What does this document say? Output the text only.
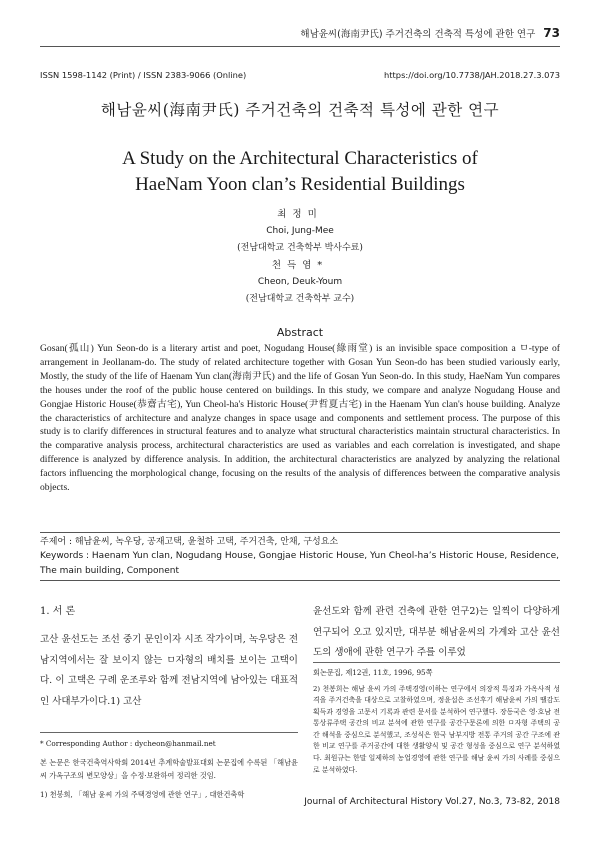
해남윤씨(海南尹氏) 주거건축의 건축적 특성에 관한 연구 73
ISSN 1598-1142 (Print) / ISSN 2383-9066 (Online)	https://doi.org/10.7738/JAH.2018.27.3.073
해남윤씨(海南尹氏) 주거건축의 건축적 특성에 관한 연구
A Study on the Architectural Characteristics of
HaeNam Yoon clan’s Residential Buildings
최정미
Choi, Jung-Mee
(전남대학교 건축학부 박사수료)
천득염*
Cheon, Deuk-Youm
(전남대학교 건축학부 교수)
Abstract
Gosan(孤山) Yun Seon-do is a literary artist and poet, Nogudang House(綠雨堂) is an invisible space composition a ㅁ-type of arrangement in Jeollanam-do. The study of related architecture together with Gosan Yun Seon-do has been studied variously early, Mostly, the study of the life of Haenam Yun clan(海南尹氏) and the life of Gosan Yun Seon-do. In this study, HaeNam Yun compares the houses under the roof of the public house centered on buildings. In this study, we compare and analyze Nogudang House and Gongjae Historic House(恭齋古宅), Yun Cheol-ha's Historic House(尹哲夏古宅) in the Haenam Yun clan's house building. Analyze the characteristics of architecture and analyze changes in space usage and components and settlement process. The purpose of this study is to clarify differences in structural features and to analyze what structural characteristics maintain structural characteristics. In the comparative analysis process, architectural characteristics are used as variables and each correlation is investigated, and shape difference is analyzed by difference analysis. In addition, the architectural characteristics are analyzed by analyzing the relational factors influencing the morphological change, focusing on the results of the analysis of differences between the comparative analysis objects.
주제어 : 해남윤씨, 녹우당, 공재고택, 윤철하 고택, 주거건축, 안채, 구성요소
Keywords : Haenam Yun clan, Nogudang House, Gongjae Historic House, Yun Cheol-ha’s Historic House, Residence, The main building, Component
1. 서 론
고산 윤선도는 조선 중기 문인이자 시조 작가이며, 녹우당은 전남지역에서는 잘 보이지 않는 ㅁ자형의 배치를 보이는 고택이다. 이 고택은 구례 운조루와 함께 전남지역에 남아있는 대표적인 사대부가이다.1) 고산
* Corresponding Author : dycheon@hanmail.net
본 논문은 한국건축역사학회 2014년 추계학술발표대회 논문집에 수록된 「해남윤씨 가옥구조의 변모양상」을 수정·보완하여 정리한 것임.
1) 천봉희, 「해남 윤씨 가의 주택경영에 관한 연구」, 대한건축학
윤선도와 함께 관련 건축에 관한 연구2)는 일찍이 다양하게 연구되어 오고 있지만, 대부분 해남윤씨의 가계와 고산 윤선도의 생애에 관한 연구가 주를 이루었
회논문집, 제12권, 11호, 1996, 95쪽
2) 천봉희는 해남 윤씨 가의 주택경영(이하는 연구에서 의장적 특징과 가옥사적 성격을 주거건축을 대상으로 고찰하였으며, 정윤섭은 조선후기 해남윤씨 가의 땔감도 획득과 경영을 고문서 기록과 관련 문서를 분석하여 연구했다. 장동국은 영·호남 전통상류주택 공간의 비교 분석에 관한 연구를 공간구문론에 의한 ㅁ자형 주택의 공간 해석을 중심으로 분석했고, 조성식은 한국 남부지방 전통 주거의 공간 구조에 관한 비교 연구를 주거공간에 대한 생활양식 및 공간 형성을 중심으로 연구 분석하였다. 최원규는 한말 일제하의 농업경영에 관한 연구를 해남 윤씨 가의 사례를 중심으로 분석하였다.
Journal of Architectural History Vol.27, No.3, 73-82, 2018
